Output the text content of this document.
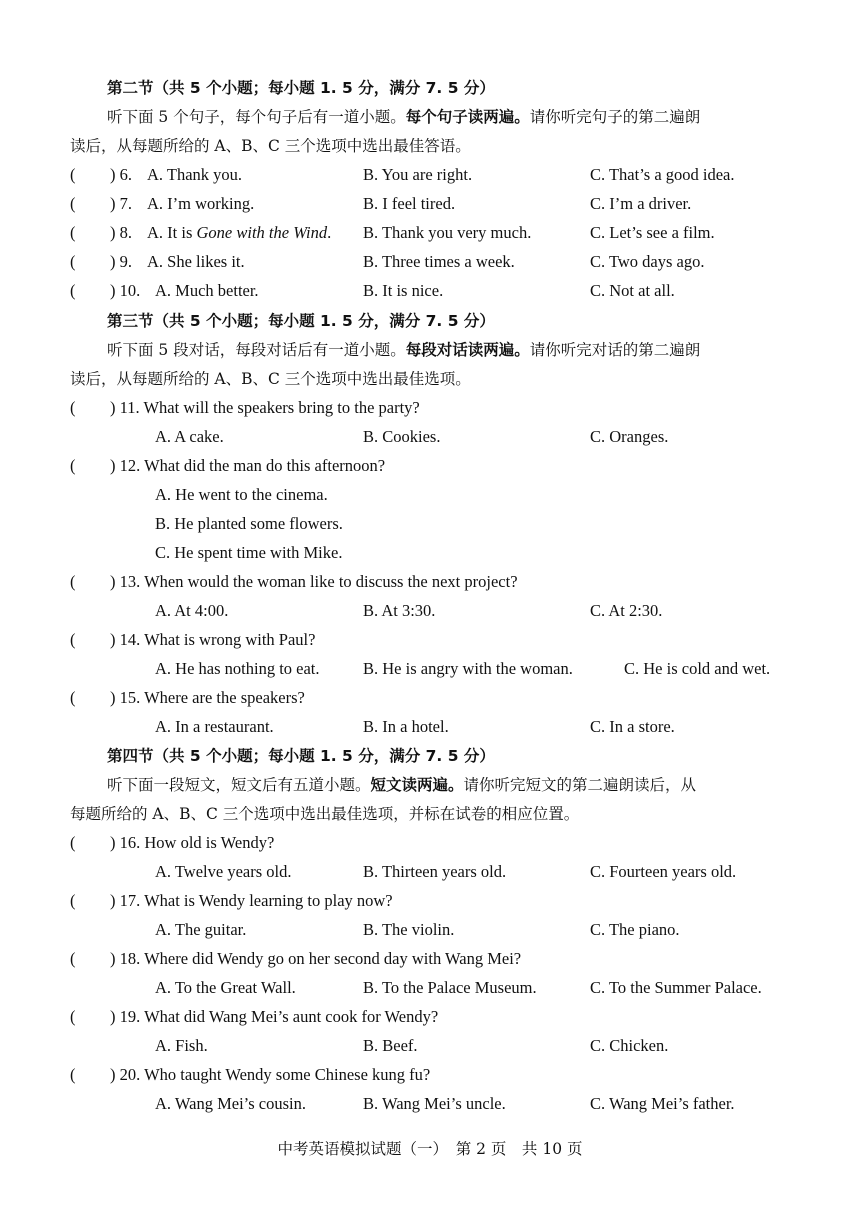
第二节（共 5 个小题；每小题 1. 5 分，满分 7. 5 分）
听下面 5 个句子，每个句子后有一道小题。每个句子读两遍。请你听完句子的第二遍朗
读后，从每题所给的 A、B、C 三个选项中选出最佳答语。
( ) 6. A. Thank you.	B. You are right.	C. That’s a good idea.
( ) 7. A. I’m working.	B. I feel tired.	C. I’m a driver.
( ) 8. A. It is Gone with the Wind. B. Thank you very much.	C. Let’s see a film.
( ) 9. A. She likes it.	B. Three times a week.	C. Two days ago.
( ) 10. A. Much better.	B. It is nice.	C. Not at all.
第三节（共 5 个小题；每小题 1. 5 分，满分 7. 5 分）
听下面 5 段对话，每段对话后有一道小题。每段对话读两遍。请你听完对话的第二遍朗
读后，从每题所给的 A、B、C 三个选项中选出最佳选项。
( ) 11. What will the speakers bring to the party?
A. A cake.	B. Cookies.	C. Oranges.
( ) 12. What did the man do this afternoon?
A. He went to the cinema.
B. He planted some flowers.
C. He spent time with Mike.
( ) 13. When would the woman like to discuss the next project?
A. At 4:00.	B. At 3:30.	C. At 2:30.
( ) 14. What is wrong with Paul?
A. He has nothing to eat.	B. He is angry with the woman.	C. He is cold and wet.
( ) 15. Where are the speakers?
A. In a restaurant.	B. In a hotel.	C. In a store.
第四节（共 5 个小题；每小题 1. 5 分，满分 7. 5 分）
听下面一段短文，短文后有五道小题。短文读两遍。请你听完短文的第二遍朗读后，从
每题所给的 A、B、C 三个选项中选出最佳选项，并标在试卷的相应位置。
( ) 16. How old is Wendy?
A. Twelve years old.	B. Thirteen years old.	C. Fourteen years old.
( ) 17. What is Wendy learning to play now?
A. The guitar.	B. The violin.	C. The piano.
( ) 18. Where did Wendy go on her second day with Wang Mei?
A. To the Great Wall.	B. To the Palace Museum.	C. To the Summer Palace.
( ) 19. What did Wang Mei’s aunt cook for Wendy?
A. Fish.	B. Beef.	C. Chicken.
( ) 20. Who taught Wendy some Chinese kung fu?
A. Wang Mei’s cousin.	B. Wang Mei’s uncle.	C. Wang Mei’s father.
中考英语模拟试题（一）　第 2 页　共 10 页
